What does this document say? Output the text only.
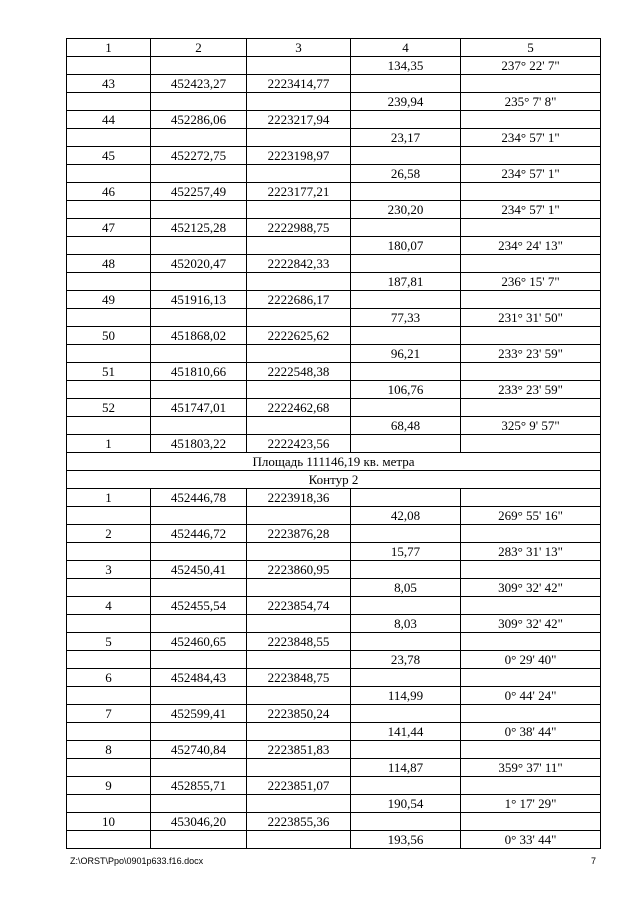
1	2	3	4	5
			134,35	237° 22' 7"
43	452423,27	2223414,77		
			239,94	235° 7' 8"
44	452286,06	2223217,94		
			23,17	234° 57' 1"
45	452272,75	2223198,97		
			26,58	234° 57' 1"
46	452257,49	2223177,21		
			230,20	234° 57' 1"
47	452125,28	2222988,75		
			180,07	234° 24' 13"
48	452020,47	2222842,33		
			187,81	236° 15' 7"
49	451916,13	2222686,17		
			77,33	231° 31' 50"
50	451868,02	2222625,62		
			96,21	233° 23' 59"
51	451810,66	2222548,38		
			106,76	233° 23' 59"
52	451747,01	2222462,68		
			68,48	325° 9' 57"
1	451803,22	2222423,56		
Площадь 111146,19 кв. метра				
Контур 2				
1	452446,78	2223918,36		
			42,08	269° 55' 16"
2	452446,72	2223876,28		
			15,77	283° 31' 13"
3	452450,41	2223860,95		
			8,05	309° 32' 42"
4	452455,54	2223854,74		
			8,03	309° 32' 42"
5	452460,65	2223848,55		
			23,78	0° 29' 40"
6	452484,43	2223848,75		
			114,99	0° 44' 24"
7	452599,41	2223850,24		
			141,44	0° 38' 44"
8	452740,84	2223851,83		
			114,87	359° 37' 11"
9	452855,71	2223851,07		
			190,54	1° 17' 29"
10	453046,20	2223855,36		
			193,56	0° 33' 44"
Z:\ORST\Ppo\0901p633.f16.docx	7
